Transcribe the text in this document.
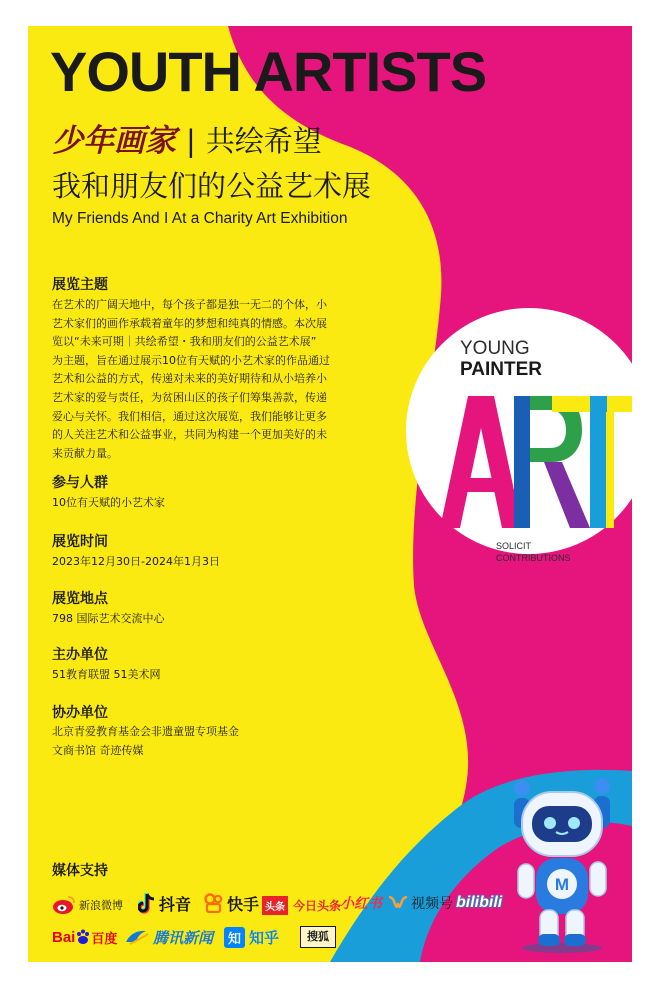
YOUTH ARTISTS
少年画家 | 共绘希望
我和朋友们的公益艺术展
My Friends And I At a Charity Art Exhibition
展览主题
在艺术的广阔天地中，每个孩子都是独一无二的个体，小
艺术家们的画作承载着童年的梦想和纯真的情感。本次展
览以“未来可期｜共绘希望・我和朋友们的公益艺术展”
为主题，旨在通过展示10位有天赋的小艺术家的作品通过
艺术和公益的方式，传递对未来的美好期待和从小培养小
艺术家的爱与责任，为贫困山区的孩子们筹集善款，传递
爱心与关怀。我们相信，通过这次展览，我们能够让更多
的人关注艺术和公益事业，共同为构建一个更加美好的未
来贡献力量。
参与人群
10位有天赋的小艺术家
展览时间
2023年12月30日-2024年1月3日
展览地点
798 国际艺术交流中心
主办单位
51教育联盟 51美术网
协办单位
北京青爱教育基金会非遗童盟专项基金
文商书馆 奇迹传媒
YOUNG
PAINTER
ART
SOLICIT
CONTRIBUTIONS
M
媒体支持
新浪微博 抖音 快手 头条 今日头条
小红书 视频号 bilibili
Bai 百度 腾讯新闻	知 知乎	搜狐
